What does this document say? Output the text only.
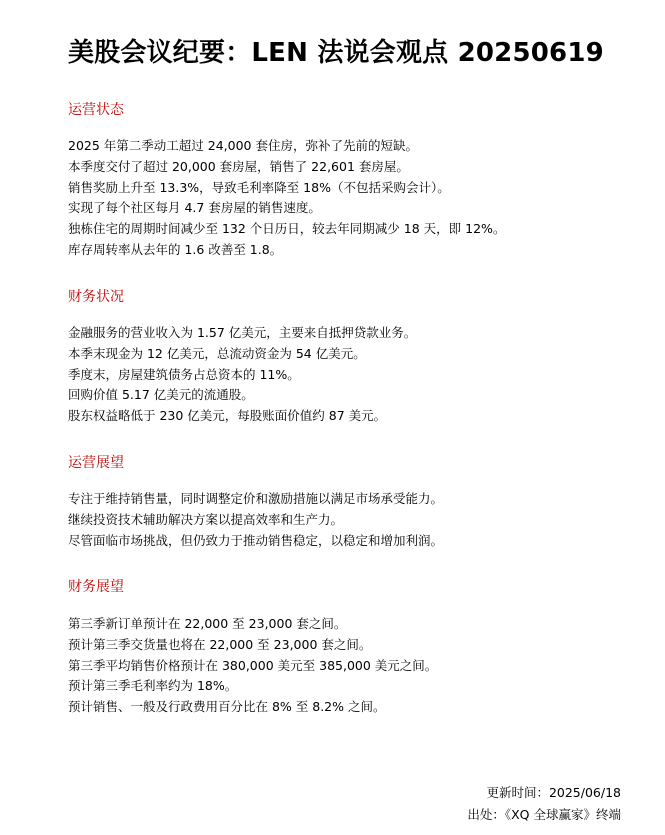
美股会议纪要：LEN 法说会观点 20250619
运营状态
2025 年第二季动工超过 24,000 套住房，弥补了先前的短缺。
本季度交付了超过 20,000 套房屋，销售了 22,601 套房屋。
销售奖励上升至 13.3%，导致毛利率降至 18%（不包括采购会计）。
实现了每个社区每月 4.7 套房屋的销售速度。
独栋住宅的周期时间减少至 132 个日历日，较去年同期减少 18 天，即 12%。
库存周转率从去年的 1.6 改善至 1.8。
财务状况
金融服务的营业收入为 1.57 亿美元，主要来自抵押贷款业务。
本季末现金为 12 亿美元，总流动资金为 54 亿美元。
季度末，房屋建筑债务占总资本的 11%。
回购价值 5.17 亿美元的流通股。
股东权益略低于 230 亿美元，每股账面价值约 87 美元。
运营展望
专注于维持销售量，同时调整定价和激励措施以满足市场承受能力。
继续投资技术辅助解决方案以提高效率和生产力。
尽管面临市场挑战，但仍致力于推动销售稳定，以稳定和增加利润。
财务展望
第三季新订单预计在 22,000 至 23,000 套之间。
预计第三季交货量也将在 22,000 至 23,000 套之间。
第三季平均销售价格预计在 380,000 美元至 385,000 美元之间。
预计第三季毛利率约为 18%。
预计销售、一般及行政费用百分比在 8% 至 8.2% 之间。
更新时间：2025/06/18
出处：《XQ 全球赢家》终端
